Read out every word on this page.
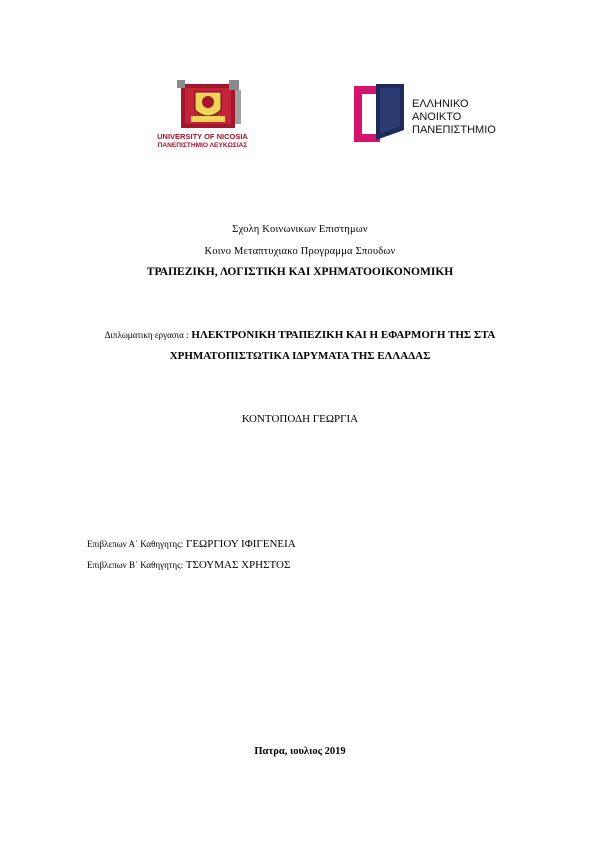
UNIVERSITY OF NICOSIA
ΠΑΝΕΠΙΣΤΗΜΙΟ ΛΕΥΚΩΣΙΑΣ
ΕΛΛΗΝΙΚΟ
ΑΝΟΙΚΤΟ
ΠΑΝΕΠΙΣΤΗΜΙΟ
Σχολη Κοινωνικων Επιστημων
Κοινο Μεταπτυχιακο Προγραμμα Σπουδων
ΤΡΑΠΕΖΙΚΗ, ΛΟΓΙΣΤΙΚΗ ΚΑΙ ΧΡΗΜΑΤΟΟΙΚΟΝΟΜΙΚΗ
Διπλωματικη εργασια : ΗΛΕΚΤΡΟΝΙΚΗ ΤΡΑΠΕΖΙΚΗ ΚΑΙ Η ΕΦΑΡΜΟΓΗ ΤΗΣ ΣΤΑ
ΧΡΗΜΑΤΟΠΙΣΤΩΤΙΚΑ ΙΔΡΥΜΑΤΑ ΤΗΣ ΕΛΛΑΔΑΣ
ΚΟΝΤΟΠΟΔΗ ΓΕΩΡΓΙΑ
Επιβλεπων Α΄ Καθηγητης: ΓΕΩΡΓΙΟΥ ΙΦΙΓΕΝΕΙΑ
Επιβλεπων Β΄ Καθηγητης: ΤΣΟΥΜΑΣ ΧΡΗΣΤΟΣ
Πατρα, ιουλιος 2019
